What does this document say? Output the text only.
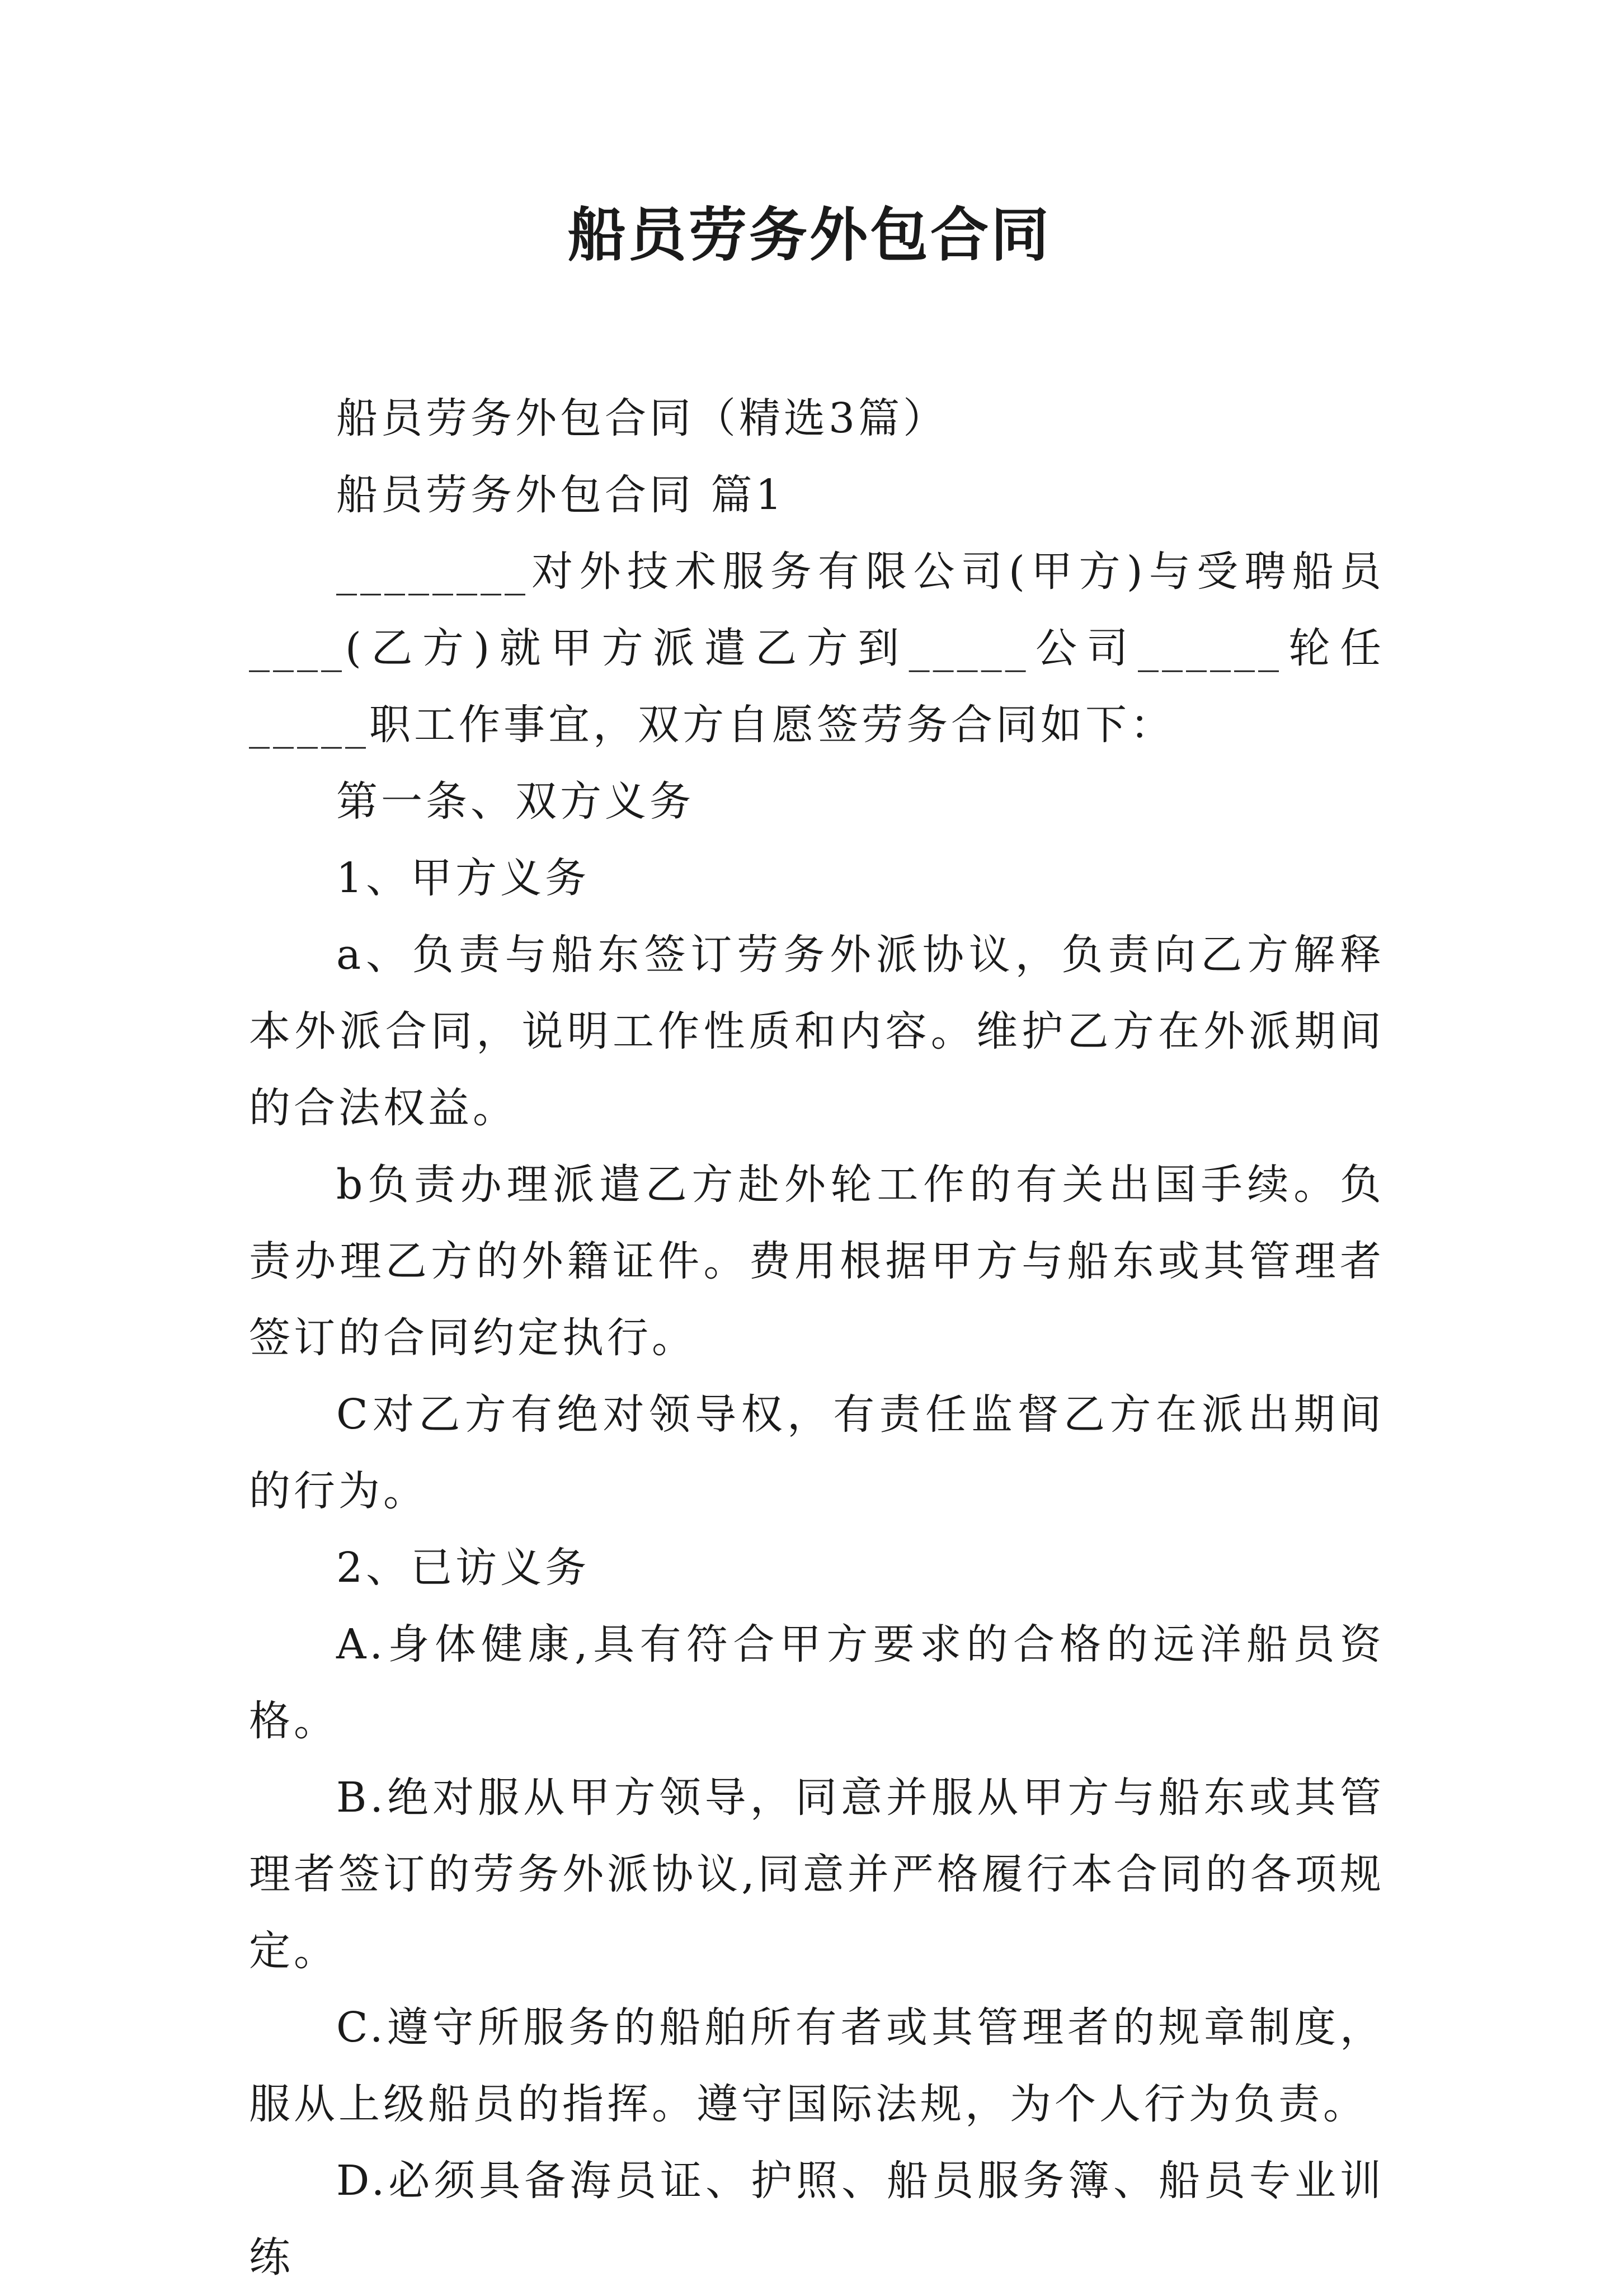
船员劳务外包合同

船员劳务外包合同（精选3篇）

船员劳务外包合同 篇1

________对外技术服务有限公司(甲方)与受聘船员____(乙方)就甲方派遣乙方到_____公司______轮任_____职工作事宜，双方自愿签劳务合同如下：

第一条、双方义务

1、甲方义务

a、负责与船东签订劳务外派协议，负责向乙方解释本外派合同，说明工作性质和内容。维护乙方在外派期间的合法权益。

b负责办理派遣乙方赴外轮工作的有关出国手续。负责办理乙方的外籍证件。费用根据甲方与船东或其管理者签订的合同约定执行。

C对乙方有绝对领导权，有责任监督乙方在派出期间的行为。

2、已访义务

A.身体健康,具有符合甲方要求的合格的远洋船员资格。

B.绝对服从甲方领导，同意并服从甲方与船东或其管理者签订的劳务外派协议,同意并严格履行本合同的各项规定。

C.遵守所服务的船舶所有者或其管理者的规章制度，服从上级船员的指挥。遵守国际法规，为个人行为负责。

D.必须具备海员证、护照、船员服务簿、船员专业训练
